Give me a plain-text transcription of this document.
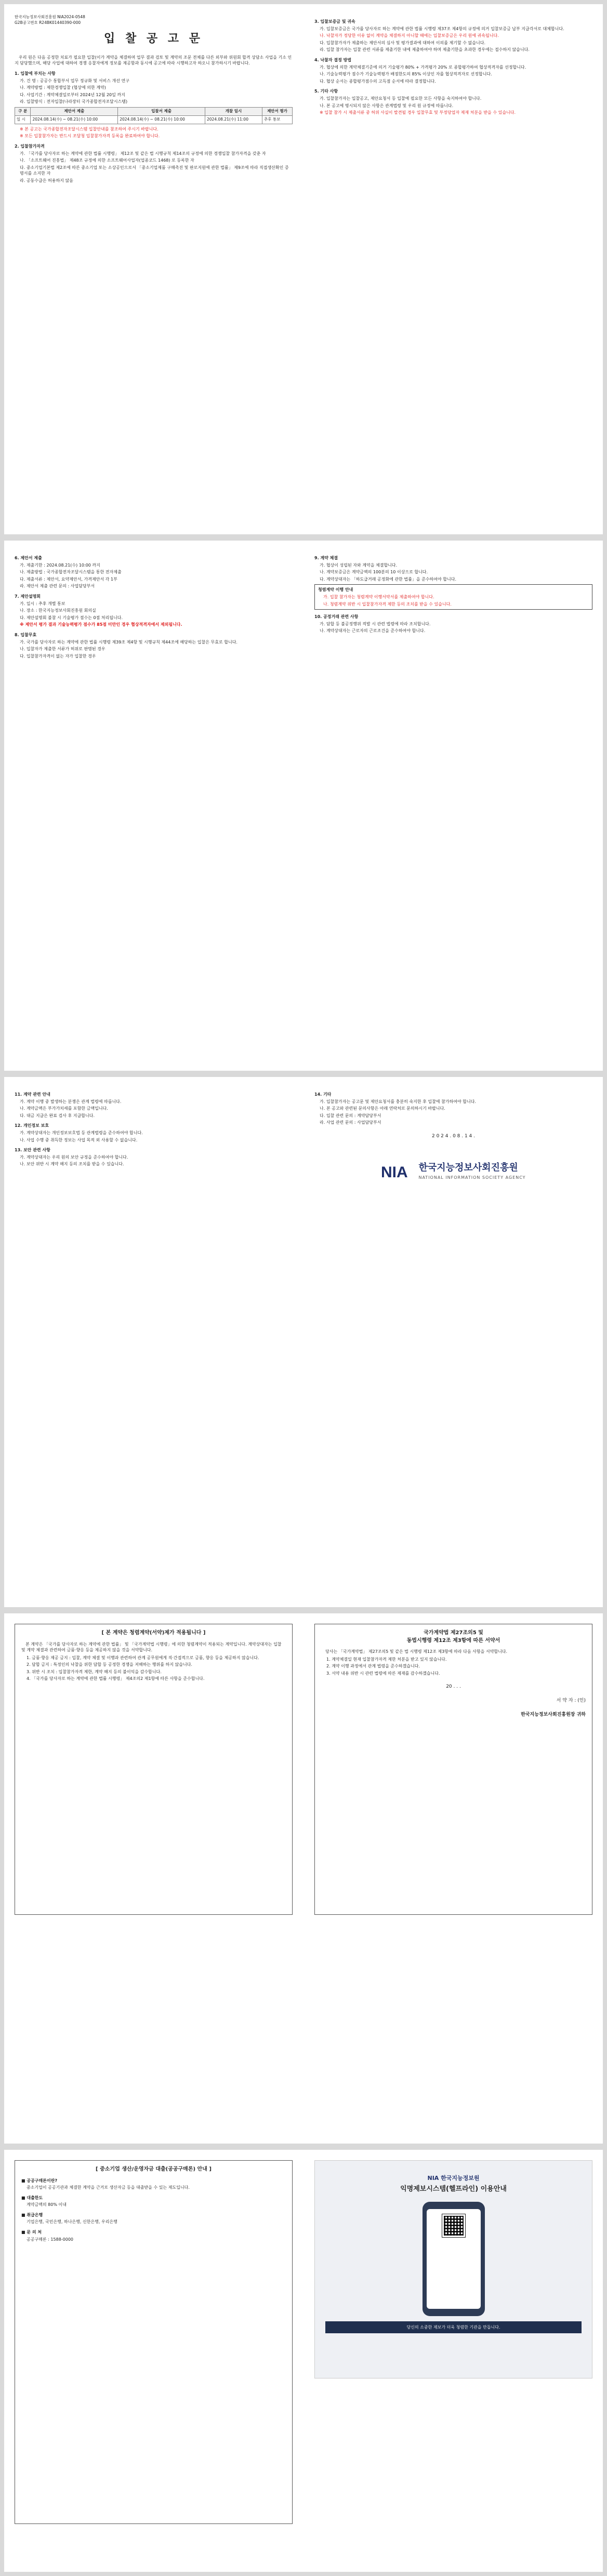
한국지능정보사회진흥원 NIA2024-0548
G2B공고번호 R24BK01440390-000
입 찰 공 고 문

우리 원은 다음 공정한 치료가 필요한 입찰(이가 계약을 체결하며 업무 결과 검토 및 계약의 조문 전체를 다른 외부와 위원회 합격 상담소 사업을 기소 인지 담당했으며, 해당 사업에 대하여 경쟁 응찰자에게 정보를 제공함과 동시에 공고에 따라 시행하고자 하오니 참가하시기 바랍니다.

1. 입찰에 부치는 사항
가. 건 명 : 공공수 통합부서 업무 정규화 및 서비스 개선 연구
나. 계약방법 : 제한경쟁입찰 (협상에 의한 계약)
다. 사업기간 : 계약체결일로부터 2024년 12월 20일 까지
라. 입찰방식 : 전자입찰(나라장터 국가종합전자조달시스템)
구 분	제안서 제출	입찰서 제출	개찰 일시	제안서 평가
일 시	2024.08.14(수) ~ 08.21(수) 10:00	2024.08.14(수) ~ 08.21(수) 10:00	2024.08.21(수) 11:00	추후 통보
※ 본 공고는 국가종합전자조달시스템 입찰안내를 참조하여 주시기 바랍니다.
※ 모든 입찰참가자는 반드시 조달청 입찰참가자격 등록을 완료하여야 합니다.
2. 입찰참가자격
가. 「국가를 당사자로 하는 계약에 관한 법률 시행령」 제12조 및 같은 법 시행규칙 제14조의 규정에 의한 경쟁입찰 참가자격을 갖춘 자
나. 「소프트웨어 진흥법」 제48조 규정에 의한 소프트웨어사업자(업종코드 1468) 로 등록한 자
다. 중소기업기본법 제2조에 따른 중소기업 또는 소상공인으로서 「중소기업제품 구매촉진 및 판로지원에 관한 법률」 제9조에 따라 직접생산확인 증명서를 소지한 자
라. 공동수급은 허용하지 않음
3. 입찰보증금 및 귀속
가. 입찰보증금은 국가를 당사자로 하는 계약에 관한 법률 시행령 제37조 제4항의 규정에 의거 입찰보증금 납부 지급각서로 대체합니다.
나. 낙찰자가 정당한 이유 없이 계약을 체결하지 아니할 때에는 입찰보증금은 우리 원에 귀속됩니다.
다. 입찰참가자가 제출하는 제안서의 심사 및 평가결과에 대하여 이의를 제기할 수 없습니다.
라. 입찰 참가자는 입찰 관련 서류를 제출기한 내에 제출하여야 하며 제출기한을 초과한 경우에는 접수하지 않습니다.
4. 낙찰자 결정 방법
가. 협상에 의한 계약체결기준에 의거 기술평가 80% + 가격평가 20% 로 종합평가하여 협상적격자를 선정합니다.
나. 기술능력평가 점수가 기술능력평가 배점한도의 85% 이상인 자를 협상적격자로 선정합니다.
다. 협상 순서는 종합평가점수의 고득점 순서에 따라 결정합니다.
5. 기타 사항
가. 입찰참가자는 입찰공고, 제안요청서 등 입찰에 필요한 모든 사항을 숙지하여야 합니다.
나. 본 공고에 명시되지 않은 사항은 관계법령 및 우리 원 규정에 따릅니다.
※ 입찰 참가 시 제출서류 중 허위 사실이 발견될 경우 입찰무효 및 부정당업자 제재 처분을 받을 수 있습니다.
6. 제안서 제출
가. 제출기한 : 2024.08.21(수) 10:00 까지
나. 제출방법 : 국가종합전자조달시스템을 통한 전자제출
다. 제출서류 : 제안서, 요약제안서, 가격제안서 각 1부
라. 제안서 제출 관련 문의 : 사업담당부서
7. 제안설명회
가. 일시 : 추후 개별 통보
나. 장소 : 한국지능정보사회진흥원 회의실
다. 제안설명회 불참 시 기술평가 점수는 0점 처리됩니다.
※ 제안서 평가 결과 기술능력평가 점수가 85점 미만인 경우 협상적격자에서 제외됩니다.
8. 입찰무효
가. 국가를 당사자로 하는 계약에 관한 법률 시행령 제39조 제4항 및 시행규칙 제44조에 해당하는 입찰은 무효로 합니다.
나. 입찰자가 제출한 서류가 허위로 판명된 경우
다. 입찰참가자격이 없는 자가 입찰한 경우
9. 계약 체결
가. 협상이 성립된 자와 계약을 체결합니다.
나. 계약보증금은 계약금액의 100분의 10 이상으로 합니다.
다. 계약상대자는 「하도급거래 공정화에 관한 법률」을 준수하여야 합니다.
청렴계약 이행 안내
가. 입찰 참가자는 청렴계약 이행서약서를 제출하여야 합니다.
나. 청렴계약 위반 시 입찰참가자격 제한 등의 조치를 받을 수 있습니다.
10. 공정거래 관련 사항
가. 담합 등 불공정행위 적발 시 관련 법령에 따라 조치합니다.
나. 계약상대자는 근로자의 근로조건을 준수하여야 합니다.
11. 계약 관련 안내
가. 계약 이행 중 발생하는 분쟁은 관계 법령에 따릅니다.
나. 계약금액은 부가가치세를 포함한 금액입니다.
다. 대금 지급은 완료 검사 후 지급합니다.
12. 개인정보 보호
가. 계약상대자는 개인정보보호법 등 관계법령을 준수하여야 합니다.
나. 사업 수행 중 취득한 정보는 사업 목적 외 사용할 수 없습니다.
13. 보안 관련 사항
가. 계약상대자는 우리 원의 보안 규정을 준수하여야 합니다.
나. 보안 위반 시 계약 해지 등의 조치를 받을 수 있습니다.
14. 기타
가. 입찰참가자는 공고문 및 제안요청서를 충분히 숙지한 후 입찰에 참가하여야 합니다.
나. 본 공고와 관련된 문의사항은 아래 연락처로 문의하시기 바랍니다.
다. 입찰 관련 문의 : 계약담당부서
라. 사업 관련 문의 : 사업담당부서
2 0 2 4 . 0 8 . 1 4 .
NIA 한국지능정보사회진흥원
NATIONAL INFORMATION SOCIETY AGENCY
[ 본 계약은 청렴계약(서약)제가 적용됩니다 ]

본 계약은 「국가를 당사자로 하는 계약에 관한 법률」 및 「국가계약법 시행령」에 의한 청렴계약이 적용되는 계약입니다. 계약상대자는 입찰 및 계약 체결과 관련하여 금품·향응 등을 제공하지 않을 것을 서약합니다.

1. 금품·향응 제공 금지 : 입찰, 계약 체결 및 이행과 관련하여 관계 공무원에게 직·간접적으로 금품, 향응 등을 제공하지 않습니다.
2. 담합 금지 : 특정인의 낙찰을 위한 담합 등 공정한 경쟁을 저해하는 행위를 하지 않습니다.
3. 위반 시 조치 : 입찰참가자격 제한, 계약 해지 등의 불이익을 감수합니다.
4. 「국가를 당사자로 하는 계약에 관한 법률 시행령」 제4조의2 제1항에 따른 사항을 준수합니다.
국가계약법 제27조의5 및
동법시행령 제12조 제3항에 따른 서약서

당사는 「국가계약법」 제27조의5 및 같은 법 시행령 제12조 제3항에 따라 다음 사항을 서약합니다.

1. 계약체결일 현재 입찰참가자격 제한 처분을 받고 있지 않습니다.
2. 계약 이행 과정에서 관계 법령을 준수하겠습니다.
3. 서약 내용 위반 시 관련 법령에 따른 제재를 감수하겠습니다.
20 . . .
서 약 자 : (인)
한국지능정보사회진흥원장 귀하
[ 중소기업 생산/운영자금 대출(공공구매론) 안내 ]
■ 공공구매론이란?
중소기업이 공공기관과 체결한 계약을 근거로 생산자금 등을 대출받을 수 있는 제도입니다.
■ 대출한도
계약금액의 80% 이내
■ 취급은행
기업은행, 국민은행, 하나은행, 신한은행, 우리은행
■ 문 의 처
공공구매론 : 1588-0000
NIA 한국지능정보원
익명제보시스템(헬프라인) 이용안내
당신의 소중한 제보가 더욱 청렴한 기관을 만듭니다.
